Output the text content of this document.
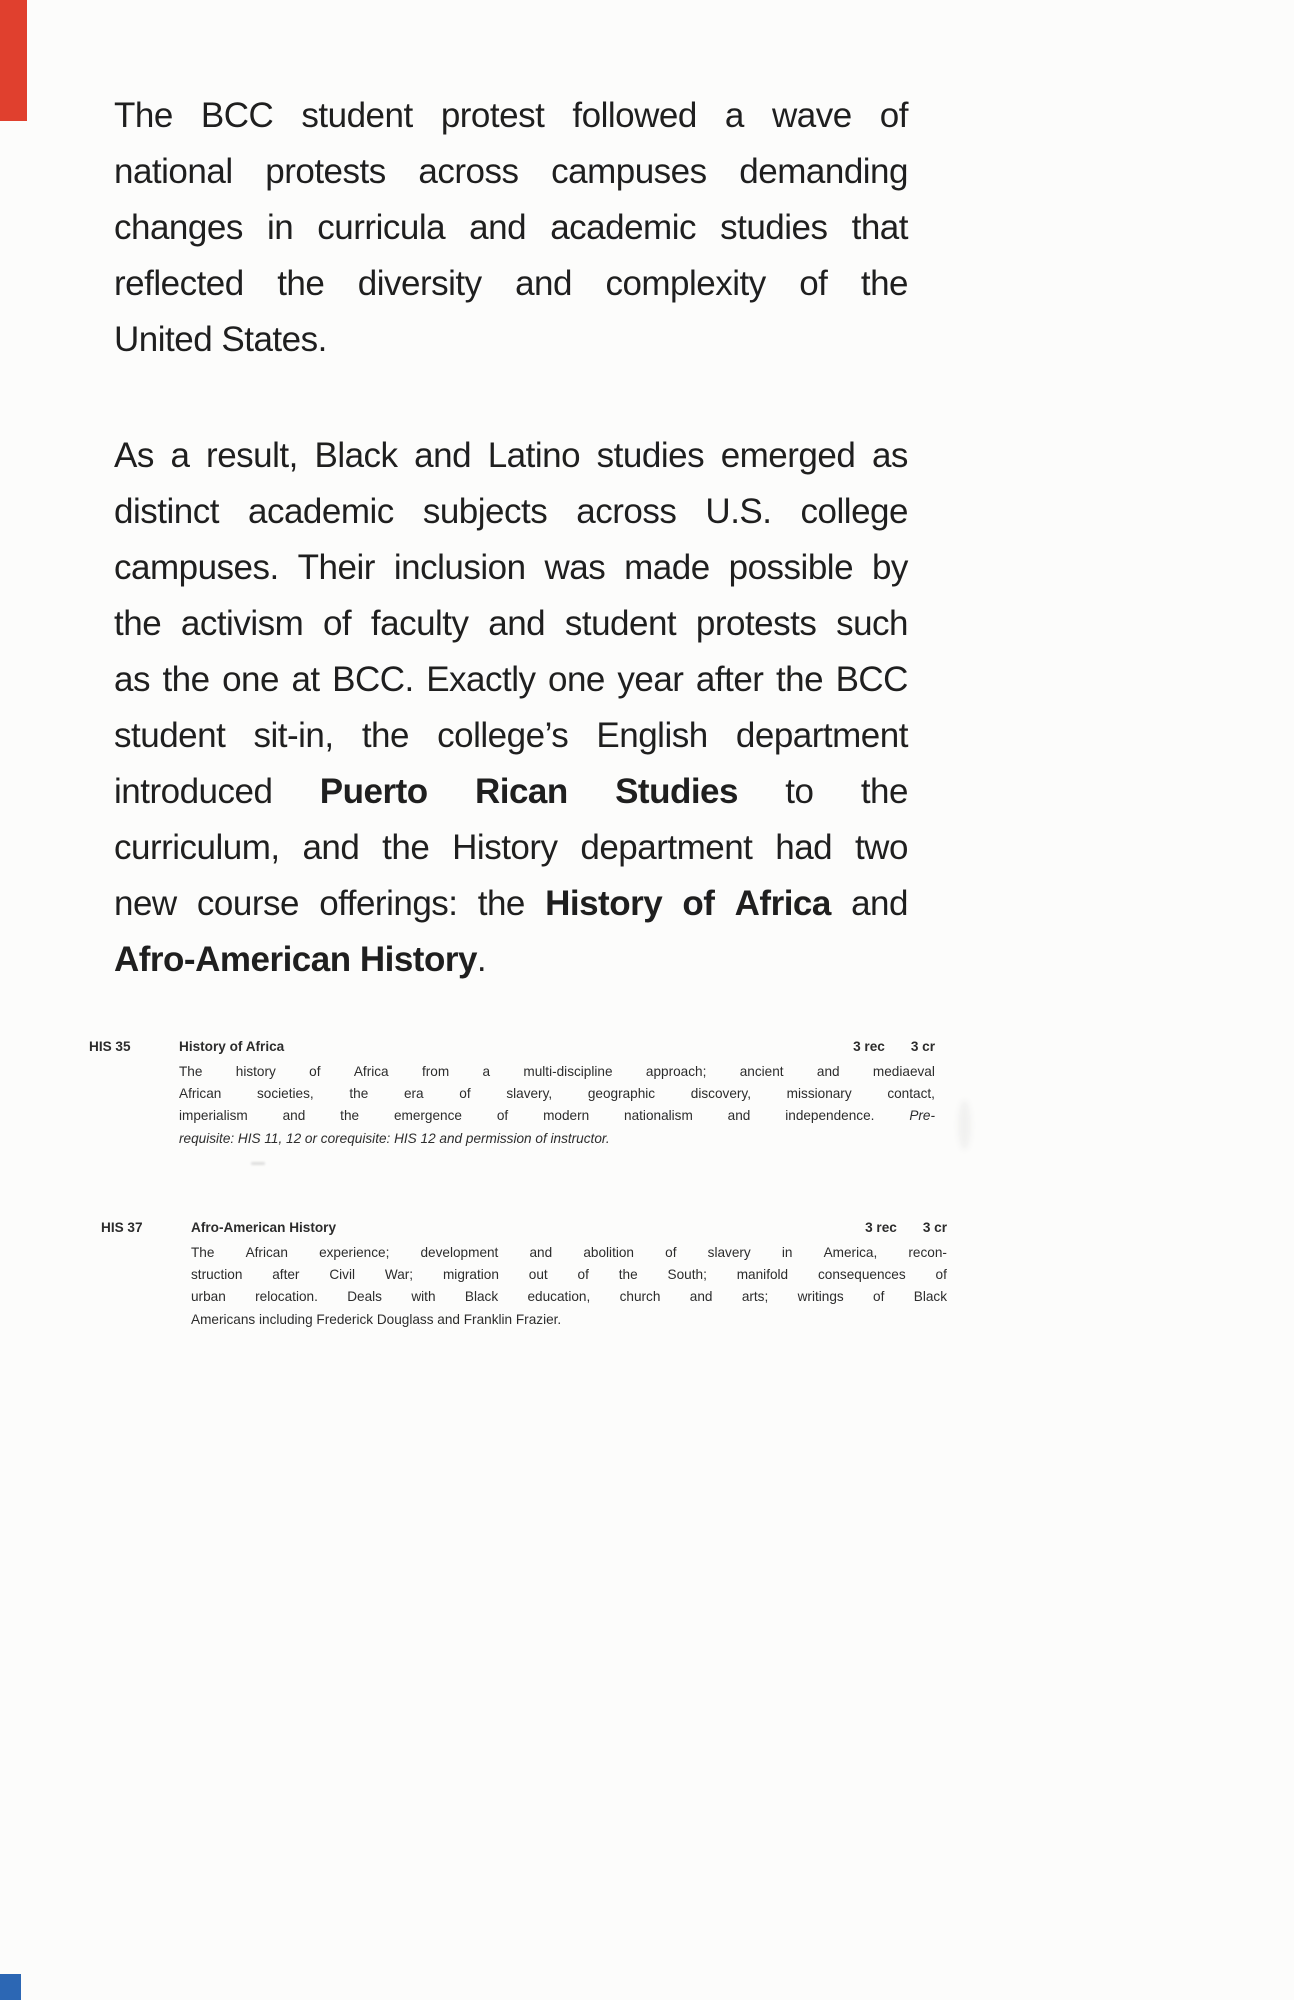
The BCC student protest followed a wave of
national protests across campuses demanding
changes in curricula and academic studies that
reflected the diversity and complexity of the
United States.
As a result, Black and Latino studies emerged as
distinct academic subjects across U.S. college
campuses. Their inclusion was made possible by
the activism of faculty and student protests such
as the one at BCC. Exactly one year after the BCC
student sit-in, the college’s English department
introduced Puerto Rican Studies to the
curriculum, and the History department had two
new course offerings: the History of Africa and
Afro-American History.
HIS 35	History of Africa	3 rec 3 cr
The history of Africa from a multi-discipline approach; ancient and mediaeval
African	societies,	the	era	of	slavery,	geographic	discovery,	missionary	contact,
imperialism	and	the	emergence	of	modern	nationalism	and	independence.	Pre-
requisite: HIS 11, 12 or corequisite: HIS 12 and permission of instructor.
HIS 37	Afro-American History	3 rec 3 cr
The African experience; development and abolition of slavery in America, recon-
struction after Civil War; migration out of the South; manifold consequences of
urban relocation. Deals with Black education, church and arts; writings of Black
Americans including Frederick Douglass and Franklin Frazier.
